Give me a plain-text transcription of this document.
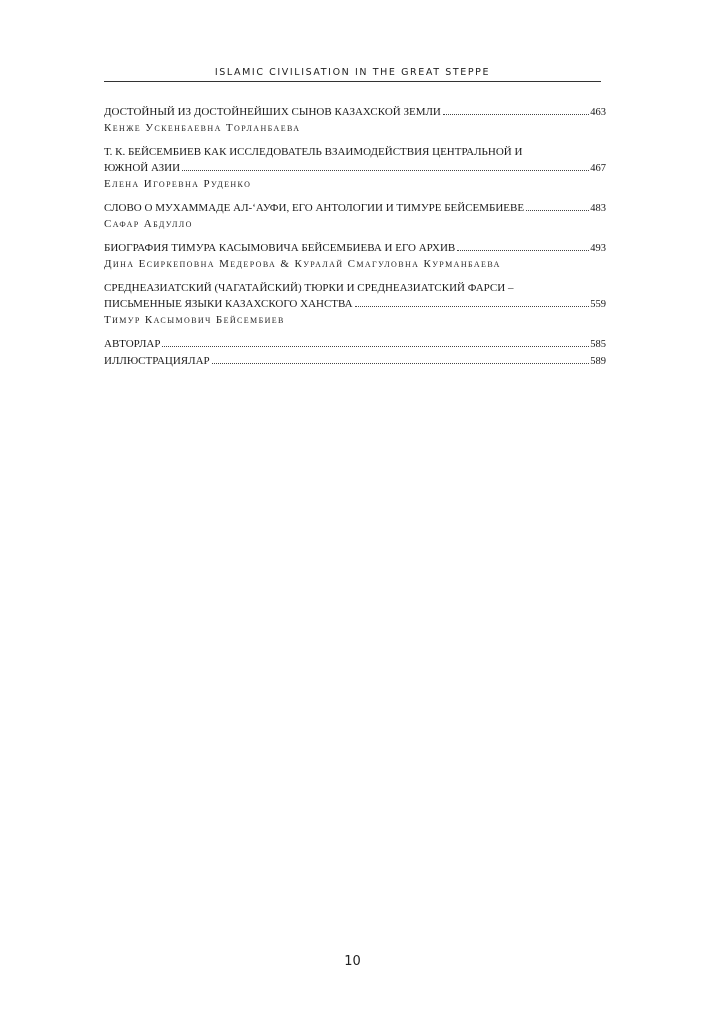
ISLAMIC CIVILISATION IN THE GREAT STEPPE
ДОСТОЙНЫЙ ИЗ ДОСТОЙНЕЙШИХ СЫНОВ КАЗАХСКОЙ ЗЕМЛИ	463
Кенже Ускенбаевна Торланбаева
Т. К. БЕЙСЕМБИЕВ КАК ИССЛЕДОВАТЕЛЬ ВЗАИМОДЕЙСТВИЯ ЦЕНТРАЛЬНОЙ И
ЮЖНОЙ АЗИИ	467
Елена Игоревна Руденко
СЛОВО О МУХАММАДЕ АЛ-‘АУФИ, ЕГО АНТОЛОГИИ И ТИМУРЕ БЕЙСЕМБИЕВЕ	483
Сафар Абдулло
БИОГРАФИЯ ТИМУРА КАСЫМОВИЧА БЕЙСЕМБИЕВА И ЕГО АРХИВ	493
Дина Есиркеповна Медерова & Куралай Смагуловна Курманбаева
СРЕДНЕАЗИАТСКИЙ (ЧАГАТАЙСКИЙ) ТЮРКИ И СРЕДНЕАЗИАТСКИЙ ФАРСИ –
ПИСЬМЕННЫЕ ЯЗЫКИ КАЗАХСКОГО ХАНСТВА	559
Тимур Касымович Бейсембиев
АВТОРЛАР	585
ИЛЛЮСТРАЦИЯЛАР	589
10
